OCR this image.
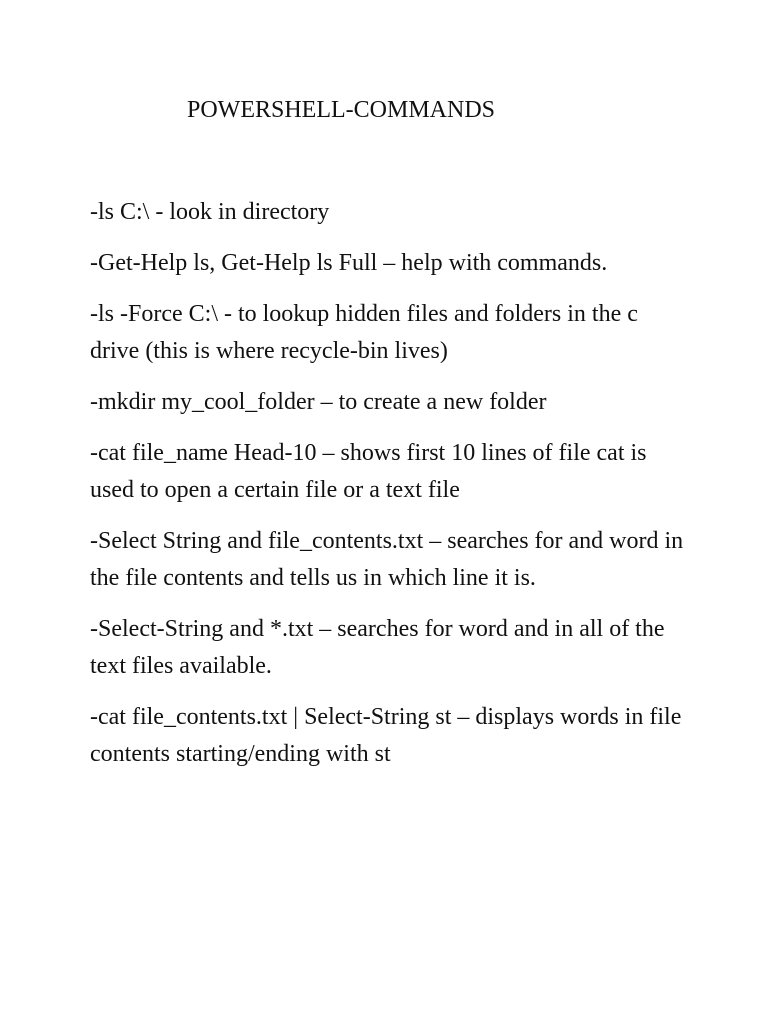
POWERSHELL-COMMANDS
-ls C:\ - look in directory
-Get-Help ls, Get-Help ls Full – help with commands.
-ls -Force C:\ - to lookup hidden files and folders in the c drive (this is where recycle-bin lives)
-mkdir my_cool_folder – to create a new folder
-cat file_name Head-10 – shows first 10 lines of file cat is used to open a certain file or a text file
-Select String and file_contents.txt – searches for and word in the file contents and tells us in which line it is.
-Select-String and *.txt – searches for word and in all of the text files available.
-cat file_contents.txt | Select-String st – displays words in file contents starting/ending with st
